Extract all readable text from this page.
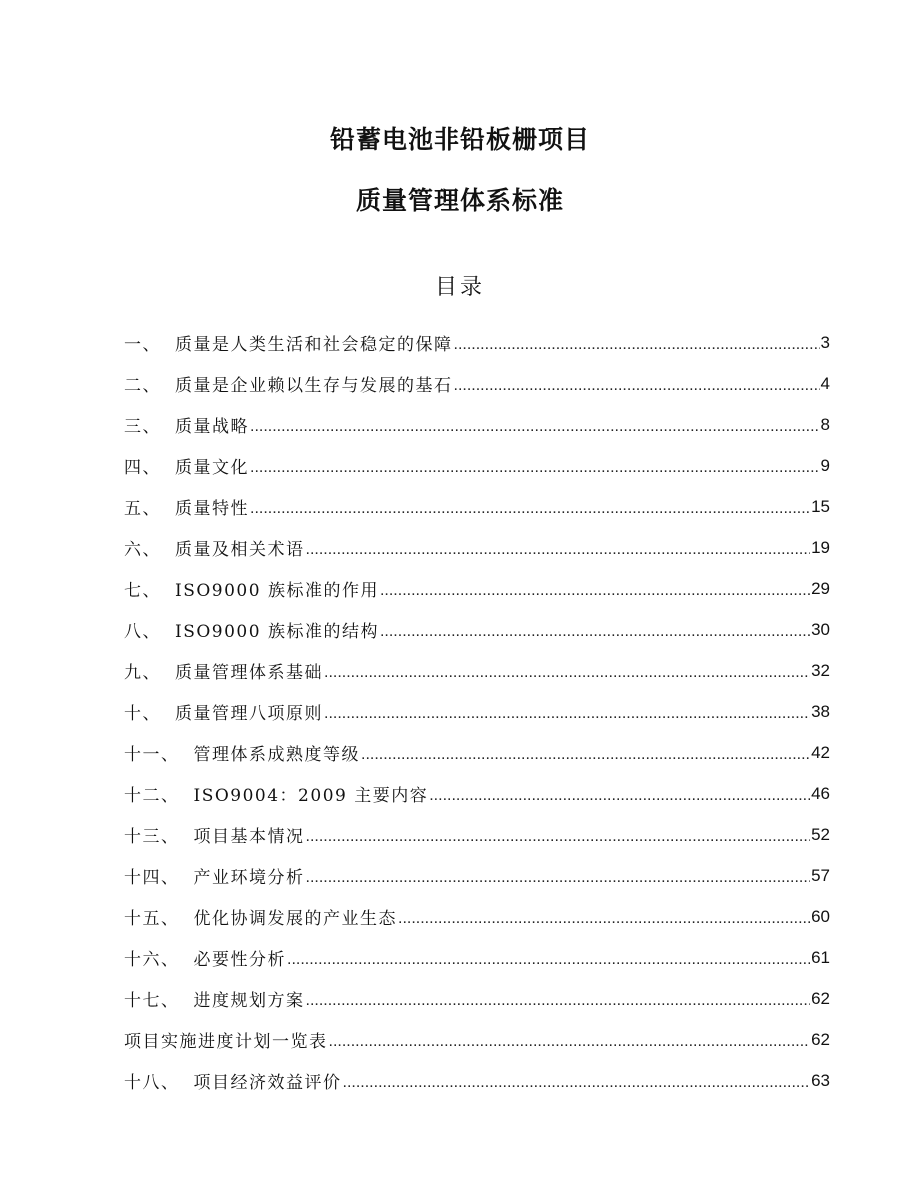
铅蓄电池非铅板栅项目
质量管理体系标准
目录
一、 质量是人类生活和社会稳定的保障 .....	3
二、 质量是企业赖以生存与发展的基石 .....	4
三、 质量战略 .....	8
四、 质量文化 .....	9
五、 质量特性 .....	15
六、 质量及相关术语 .....	19
七、 ISO9000 族标准的作用 .....	29
八、 ISO9000 族标准的结构 .....	30
九、 质量管理体系基础 .....	32
十、 质量管理八项原则 .....	38
十一、 管理体系成熟度等级 .....	42
十二、 ISO9004：2009 主要内容 .....	46
十三、 项目基本情况 .....	52
十四、 产业环境分析 .....	57
十五、 优化协调发展的产业生态 .....	60
十六、 必要性分析 .....	61
十七、 进度规划方案 .....	62
项目实施进度计划一览表 .....	62
十八、 项目经济效益评价 .....	63
